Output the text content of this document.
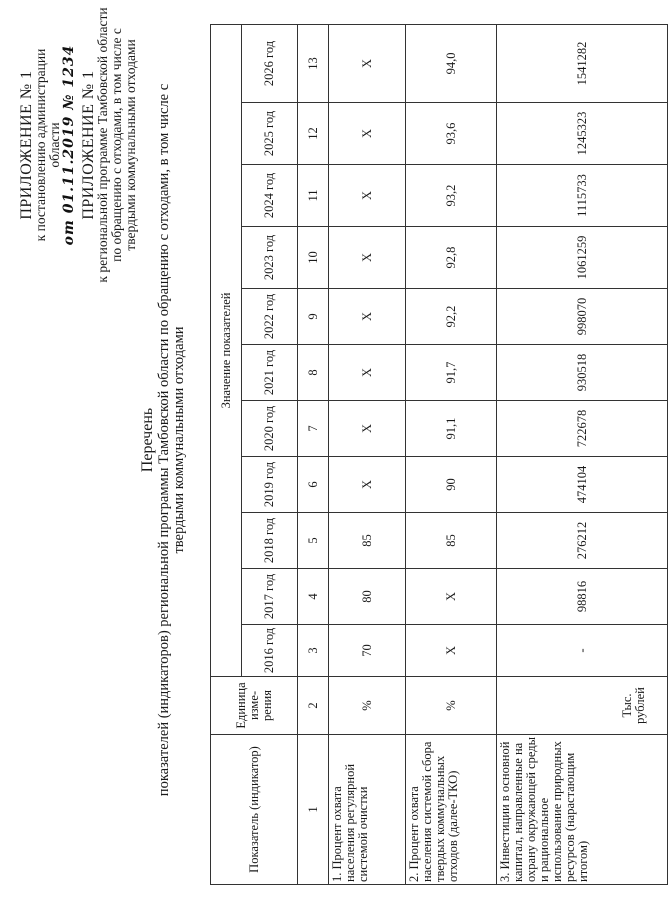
ПРИЛОЖЕНИЕ № 1
к постановлению администрации области от 01.11.2019 № 1234 ПРИЛОЖЕНИЕ № 1
к региональной программе Тамбовской области по обращению с отходами, в том числе с твердыми коммунальными отходами
Перечень показателей (индикаторов) региональной программы Тамбовской области по обращению с отходами, в том числе с твердыми коммунальными отходами
Показатель (индикатор)	Единица изме-рения	Значение показателей										
		2016 год	2017 год	2018 год	2019 год	2020 год	2021 год	2022 год	2023 год	2024 год	2025 год	2026 год
1	2	3	4	5	6	7	8	9	10	11	12	13
1. Процент охвата населения регулярной системой очистки	%	70	80	85	Х	Х	Х	Х	Х	Х	Х	Х
2. Процент охвата населения системой сбора твердых коммунальных отходов (далее-ТКО)	%	Х	Х	85	90	91,1	91,7	92,2	92,8	93,2	93,6	94,0
3. Инвестиции в основной капитал, направленные на охрану окружающей среды и рациональное использование природных ресурсов (нарастающим итогом)	Тыс. рублей	-	98816	276212	474104	722678	930518	998070	1061259	1115733	1245323	1541282
